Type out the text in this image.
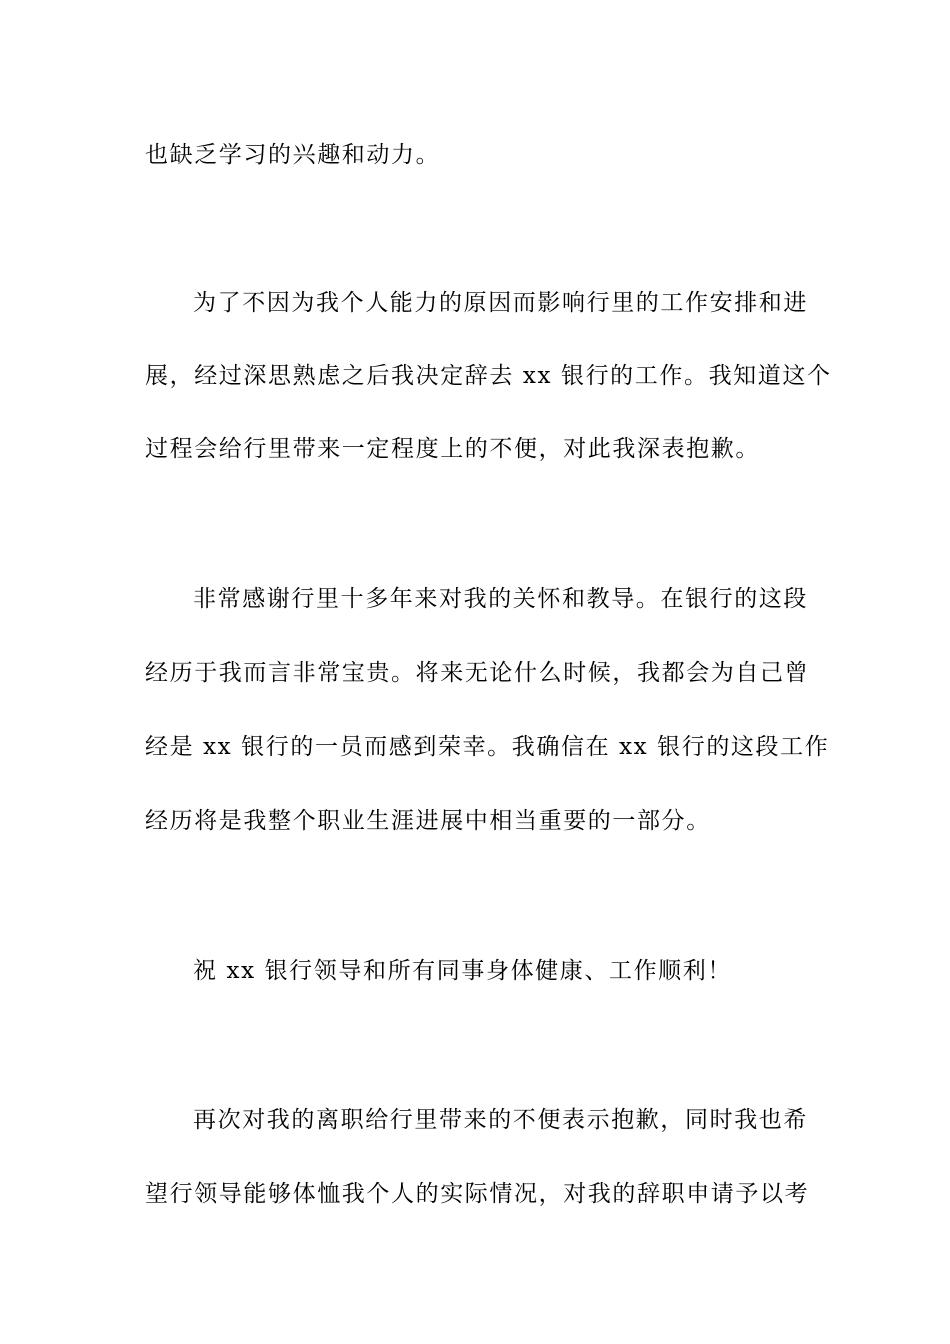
也缺乏学习的兴趣和动力。
为了不因为我个人能力的原因而影响行里的工作安排和进
展，经过深思熟虑之后我决定辞去 xx 银行的工作。我知道这个
过程会给行里带来一定程度上的不便，对此我深表抱歉。
非常感谢行里十多年来对我的关怀和教导。在银行的这段
经历于我而言非常宝贵。将来无论什么时候，我都会为自己曾
经是 xx 银行的一员而感到荣幸。我确信在 xx 银行的这段工作
经历将是我整个职业生涯进展中相当重要的一部分。
祝 xx 银行领导和所有同事身体健康、工作顺利！
再次对我的离职给行里带来的不便表示抱歉，同时我也希
望行领导能够体恤我个人的实际情况，对我的辞职申请予以考
